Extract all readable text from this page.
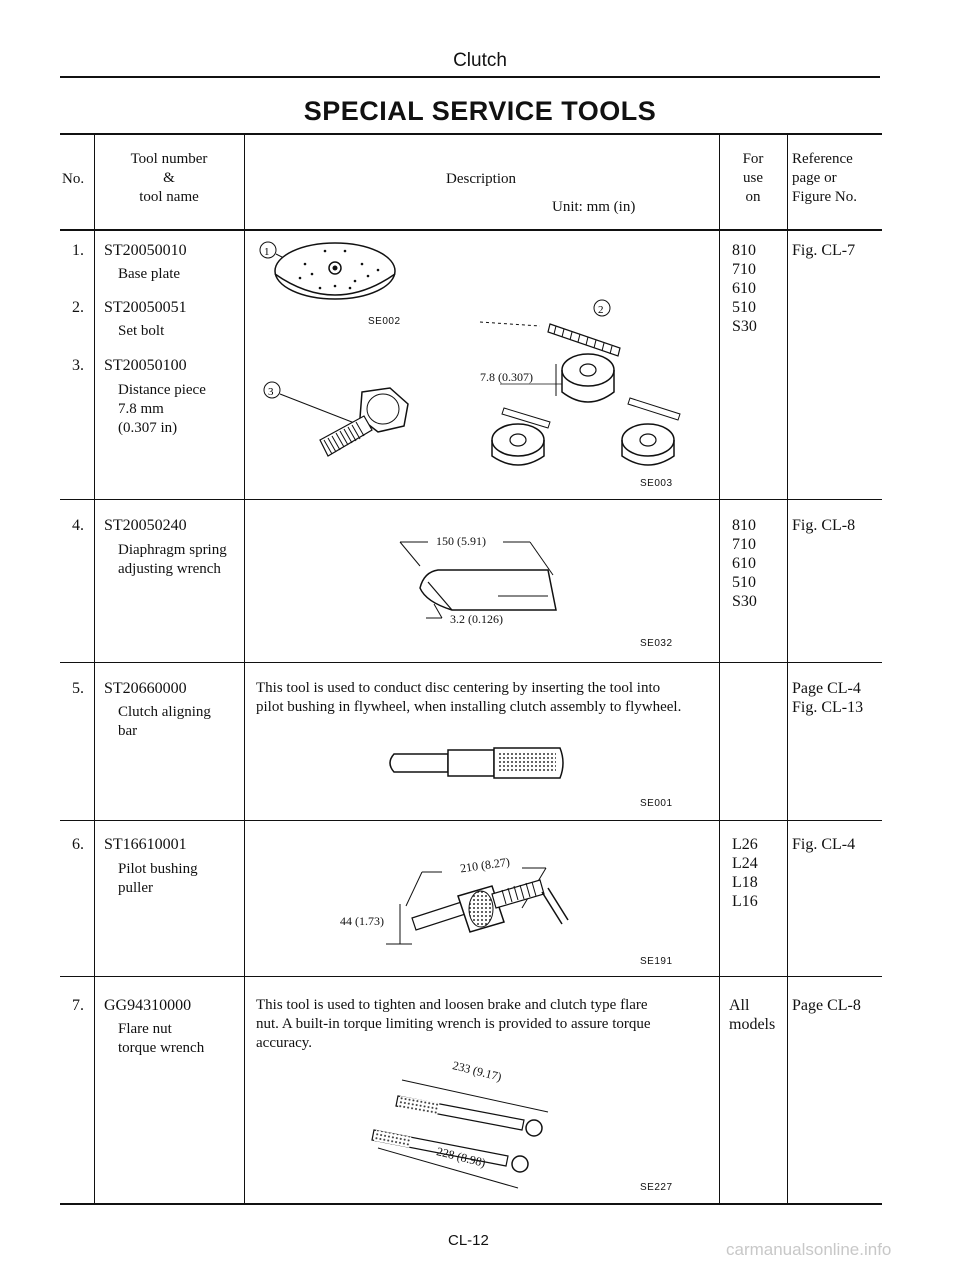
Clutch
SPECIAL SERVICE TOOLS
No.
Tool number
&
tool name
Description
Unit: mm (in)
For
use
on
Reference
page or
Figure No.
1. ST20050010
Base plate
810
710
610
510
S30
Fig. CL-7
2. ST20050051
Set bolt
3. ST20050100
Distance piece
7.8 mm
(0.307 in)
1
SE002
3
2
7.8 (0.307)
SE003
4. ST20050240
Diaphragm spring
adjusting wrench
810
710
610
510
S30
Fig. CL-8
150 (5.91)
3.2 (0.126)
SE032
5. ST20660000
Clutch aligning
bar
This tool is used to conduct disc centering by inserting the tool into
pilot bushing in flywheel, when installing clutch assembly to flywheel.
Page CL-4
Fig. CL-13
SE001
6. ST16610001
Pilot bushing
puller
L26
L24
L18
L16
Fig. CL-4
210 (8.27)
44 (1.73)
SE191
7. GG94310000
Flare nut
torque wrench
This tool is used to tighten and loosen brake and clutch type flare
nut. A built-in torque limiting wrench is provided to assure torque
accuracy.
All
models
Page CL-8
233 (9.17)
228 (8.98)
SE227
CL-12	carmanualsonline.info
